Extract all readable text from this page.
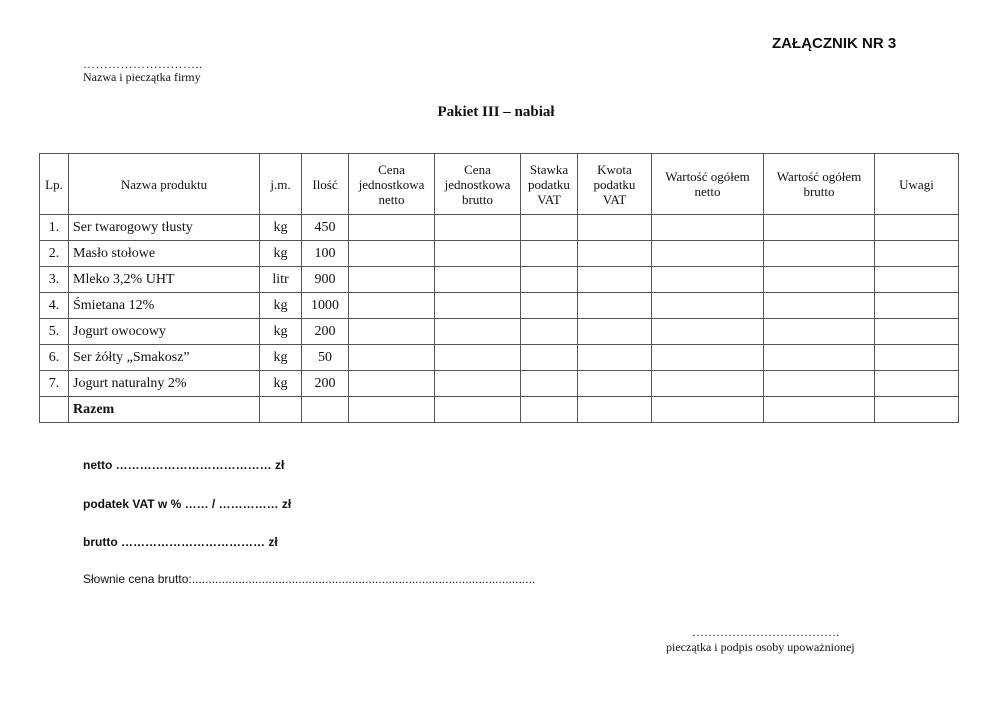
ZAŁĄCZNIK NR 3
………………………..
Nazwa i pieczątka firmy
Pakiet III – nabiał
Lp.	Nazwa produktu	j.m.	Ilość	Cena
jednostkowa
netto	Cena
jednostkowa
brutto	Stawka
podatku
VAT	Kwota
podatku
VAT	Wartość ogółem
netto	Wartość ogółem
brutto	Uwagi
1.	Ser twarogowy tłusty	kg	450							
2.	Masło stołowe	kg	100							
3.	Mleko 3,2% UHT	litr	900							
4.	Śmietana 12%	kg	1000							
5.	Jogurt owocowy	kg	200							
6.	Ser żółty „Smakosz”	kg	50							
7.	Jogurt naturalny 2%	kg	200							
	Razem									
netto ………………………………… zł
podatek VAT w % …… / …………… zł
brutto ……………………………… zł
Słownie cena brutto:.......................................................................................................
……………………………….
pieczątka i podpis osoby upoważnionej
